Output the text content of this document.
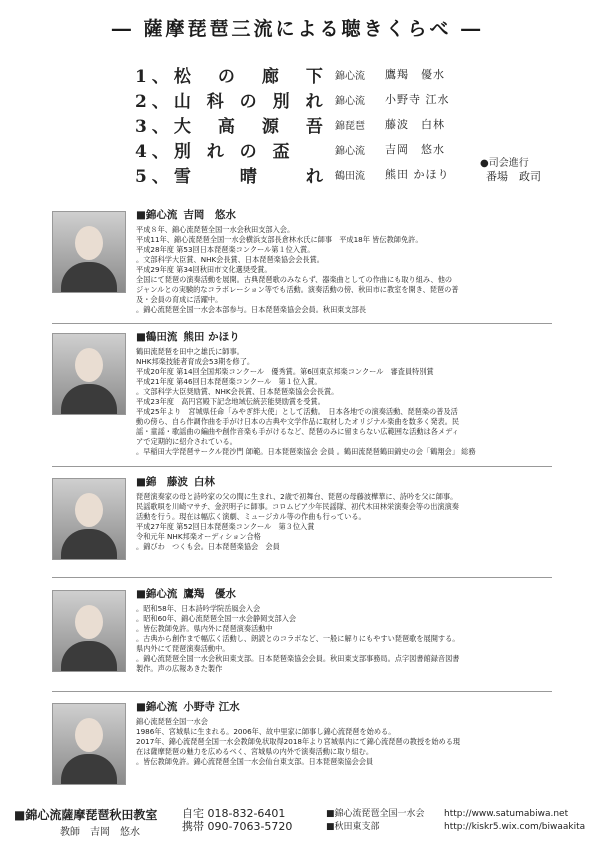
― 薩摩琵琶三流による聴きくらべ ―
1、松　の　廊　下 錦心流 鷹羯　優水
2、山 科 の 別 れ 錦心流 小野寺 江水
3、大　高　源　吾 錦琵琶 藤波　白林
4、別 れ の 盃	錦心流 吉岡　悠水
5、雪　　晴　　れ 鶴田流 熊田 かほり
●司会進行
番場　政司
■錦心流 吉岡　悠水
平成８年、錦心流琵琶全国一水会秋田支部入会。
平成11年、錦心流琵琶全国一水会横浜支部長倉林水氏に師事　平成18年 皆伝教師免許。
平成28年度 第53回日本琵琶楽コンクール第１位入賞。
。文部科学大臣賞、NHK会長賞、日本琵琶楽協会会長賞。
平成29年度 第34回秋田市文化選奨受賞。
全国にて琵琶の演奏活動を展開。古典琵琶歌のみならず、器楽曲としての作曲にも取り組み、他の
ジャンルとの実験的なコラボレーション等でも活動。演奏活動の傍、秋田市に教室を開き、琵琶の普
及・会員の育成に活躍中。
。錦心流琵琶全国一水会本部参与。日本琵琶楽協会会員。秋田東支部長
■鶴田流 熊田 かほり
鶴田流琵琶を田中之雄氏に師事。
NHK邦楽技能者育成会53期を修了。
平成20年度 第14回全国邦楽コンクール　優秀賞。第6回東京邦楽コンクール　審査員特別賞
平成21年度 第46回日本琵琶楽コンクール　第１位入賞。
。文部科学大臣奨励賞、NHK会長賞、日本琵琶楽協会会長賞。
平成23年度　高円宮殿下記念地域伝統芸能奨励賞を受賞。
平成25年より　宮城県任命「みやぎ絆大使」として活動。　日本各地での演奏活動、琵琶楽の普及活
動の傍ら、自ら作調作曲を手がけ日本の古典や文学作品に取材したオリジナル楽曲を数多く発表。民
謡・童謡・歌謡曲の編曲や創作音楽も手がけるなど、琵琶のみに留まらない広範囲な活動は各メディ
アで定期的に紹介されている。
。早稲田大学琵琶サークル琵沙門 師範。日本琵琶楽協会 会員 。鶴田流琵琶鶴田錦史の会「鶴翔会」 総務
■錦　藤波 白林
琵琶演奏家の母と詩吟家の父の間に生まれ、2歳で初舞台、琵琶の母藤波樺華に、詩吟を父に師事。
民謡歌唄を川崎マサチ、金沢明子に師事。コロムビア少年民謡隊、初代木田林栄演奏会等の出演演奏
活動を行う。現在は幅広く演劇、ミュージカル等の作曲も行っている。
平成27年度 第52回日本琵琶楽コンクール　第３位入賞
令和元年 NHK邦楽オーディション合格
。錦びわ　つくも会。日本琵琶楽協会　会員
■錦心流 鷹羯　優水
。昭和58年、日本詩吟学院岳風会入会
。昭和60年、錦心流琵琶全国一水会静岡支部入会
。皆伝教師免許。県内外に琵琶演奏活動中
。古典から創作まで幅広く活動し、朗読とのコラボなど、一般に解りにもやすい琵琶歌を展開する。
県内外にて琵琶演奏活動中。
。錦心流琵琶全国一水会秋田東支部。日本琵琶楽協会会員。秋田東支部事務局。点字図書館録音図書
製作。声の広報あきた製作
■錦心流 小野寺 江水
錦心流琵琶全国一水会
1986年、宮城県に生まれる。2006年、故中里家に師事し錦心流琵琶を始める。
2017年、錦心流琵琶全国一水会教師免状取得2018年より宮城県内にて錦心流琵琶の教授を始める現
在は薩摩琵琶の魅力を広めるべく、宮城県の内外で演奏活動に取り組む。
。皆伝教師免許。錦心流琵琶全国一水会仙台東支部。日本琵琶楽協会会員
■錦心流薩摩琵琶秋田教室
教師　吉岡　悠水
自宅 018-832-6401
携帯 090-7063-5720
■錦心流琵琶全国一水会 http://www.satumabiwa.net
■秋田東支部	http://kiskr5.wix.com/biwaakita
